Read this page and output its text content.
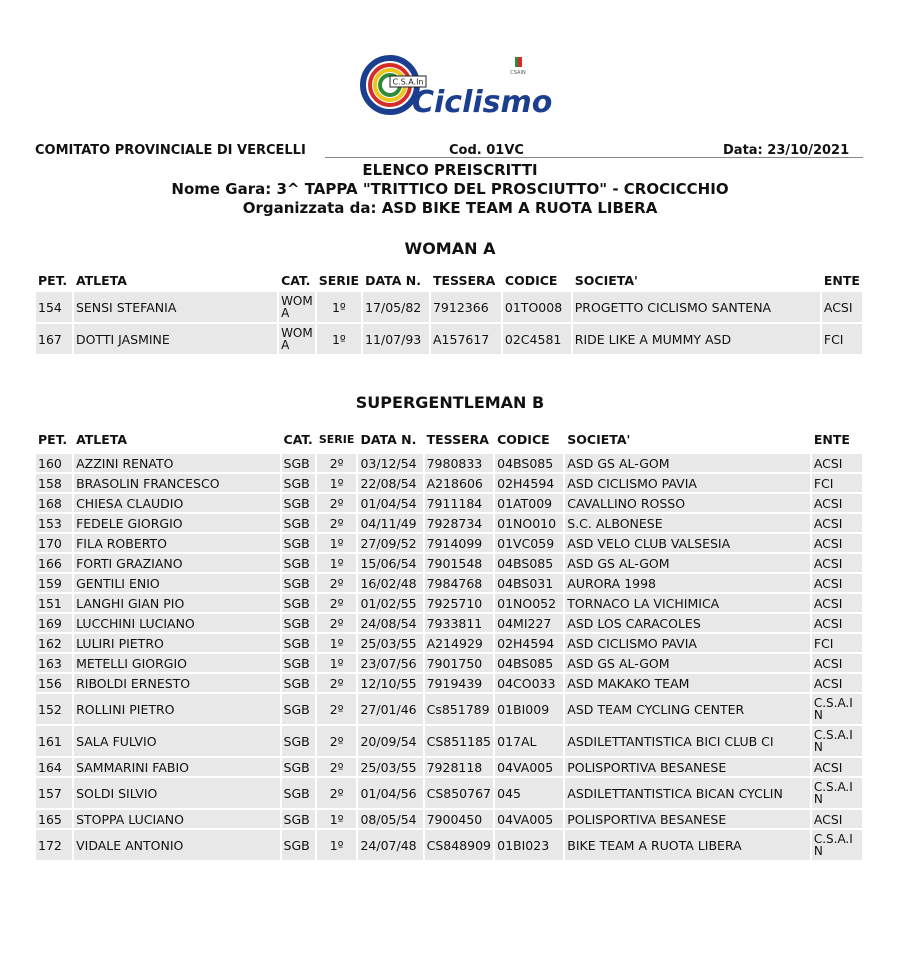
C.S.A.In
Ciclismo
CSAIN
COMITATO PROVINCIALE DI VERCELLI	Cod. 01VC	Data: 23/10/2021
ELENCO PREISCRITTI
Nome Gara: 3^ TAPPA "TRITTICO DEL PROSCIUTTO" - CROCICCHIO
Organizzata da: ASD BIKE TEAM A RUOTA LIBERA
WOMAN A
PET.	ATLETA	CAT.	SERIE	DATA N.	TESSERA	CODICE	SOCIETA'	ENTE
154	SENSI STEFANIA	WOM A	1º	17/05/82	7912366	01TO008	PROGETTO CICLISMO SANTENA	ACSI
167	DOTTI JASMINE	WOM A	1º	11/07/93	A157617	02C4581	RIDE LIKE A MUMMY ASD	FCI
SUPERGENTLEMAN B
PET.	ATLETA	CAT.	SERIE	DATA N.	TESSERA	CODICE	SOCIETA'	ENTE
160	AZZINI RENATO	SGB	2º	03/12/54	7980833	04BS085	ASD GS AL-GOM	ACSI
158	BRASOLIN FRANCESCO	SGB	1º	22/08/54	A218606	02H4594	ASD CICLISMO PAVIA	FCI
168	CHIESA CLAUDIO	SGB	2º	01/04/54	7911184	01AT009	CAVALLINO ROSSO	ACSI
153	FEDELE GIORGIO	SGB	2º	04/11/49	7928734	01NO010	S.C. ALBONESE	ACSI
170	FILA ROBERTO	SGB	1º	27/09/52	7914099	01VC059	ASD VELO CLUB VALSESIA	ACSI
166	FORTI GRAZIANO	SGB	1º	15/06/54	7901548	04BS085	ASD GS AL-GOM	ACSI
159	GENTILI ENIO	SGB	2º	16/02/48	7984768	04BS031	AURORA 1998	ACSI
151	LANGHI GIAN PIO	SGB	2º	01/02/55	7925710	01NO052	TORNACO LA VICHIMICA	ACSI
169	LUCCHINI LUCIANO	SGB	2º	24/08/54	7933811	04MI227	ASD LOS CARACOLES	ACSI
162	LULIRI PIETRO	SGB	1º	25/03/55	A214929	02H4594	ASD CICLISMO PAVIA	FCI
163	METELLI GIORGIO	SGB	1º	23/07/56	7901750	04BS085	ASD GS AL-GOM	ACSI
156	RIBOLDI ERNESTO	SGB	2º	12/10/55	7919439	04CO033	ASD MAKAKO TEAM	ACSI
152	ROLLINI PIETRO	SGB	2º	27/01/46	Cs851789	01BI009	ASD TEAM CYCLING CENTER	C.S.A.I N
161	SALA FULVIO	SGB	2º	20/09/54	CS851185	017AL	ASDILETTANTISTICA BICI CLUB CI	C.S.A.I N
164	SAMMARINI FABIO	SGB	2º	25/03/55	7928118	04VA005	POLISPORTIVA BESANESE	ACSI
157	SOLDI SILVIO	SGB	2º	01/04/56	CS850767	045	ASDILETTANTISTICA BICAN CYCLIN	C.S.A.I N
165	STOPPA LUCIANO	SGB	1º	08/05/54	7900450	04VA005	POLISPORTIVA BESANESE	ACSI
172	VIDALE ANTONIO	SGB	1º	24/07/48	CS848909	01BI023	BIKE TEAM A RUOTA LIBERA	C.S.A.I N
